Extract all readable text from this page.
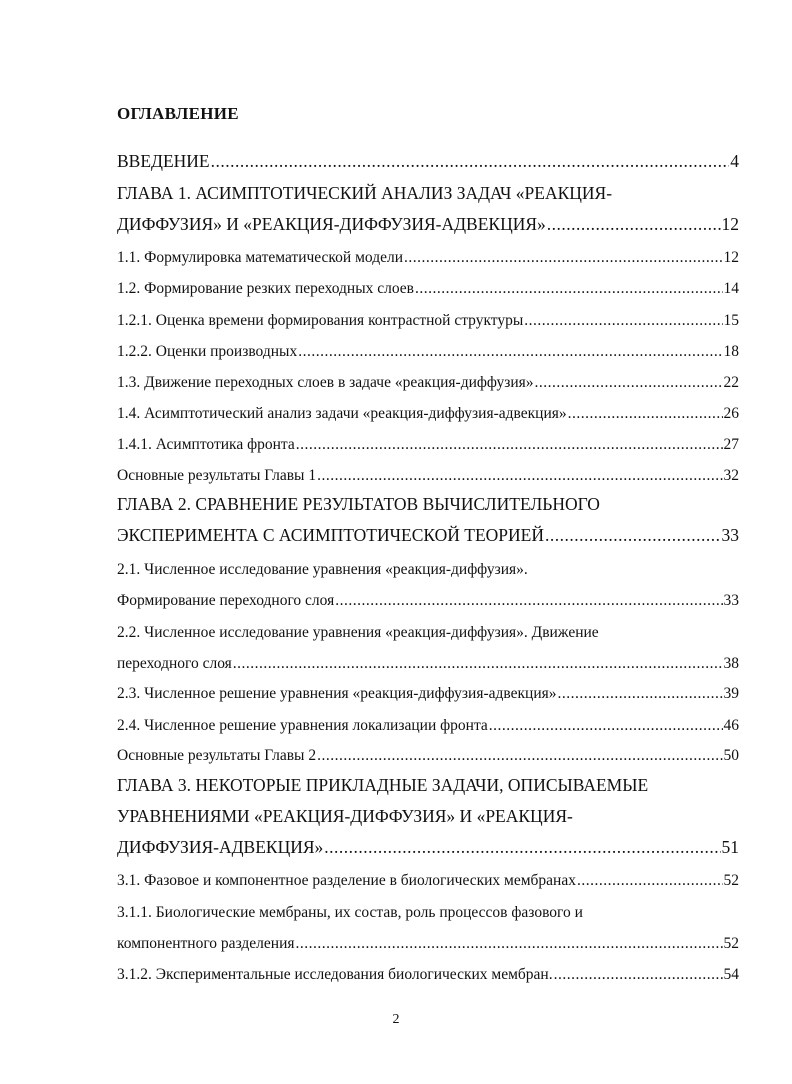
ОГЛАВЛЕНИЕ
ВВЕДЕНИЕ .....	4
ГЛАВА 1. АСИМПТОТИЧЕСКИЙ АНАЛИЗ ЗАДАЧ «РЕАКЦИЯ-
ДИФФУЗИЯ» И «РЕАКЦИЯ-ДИФФУЗИЯ-АДВЕКЦИЯ» .....	12
1.1. Формулировка математической модели .....	12
1.2. Формирование резких переходных слоев .....	14
1.2.1. Оценка времени формирования контрастной структуры .....	15
1.2.2. Оценки производных .....	18
1.3. Движение переходных слоев в задаче «реакция-диффузия» .....	22
1.4. Асимптотический анализ задачи «реакция-диффузия-адвекция» .....	26
1.4.1. Асимптотика фронта .....	27
Основные результаты Главы 1 .....	32
ГЛАВА 2. СРАВНЕНИЕ РЕЗУЛЬТАТОВ ВЫЧИСЛИТЕЛЬНОГО
ЭКСПЕРИМЕНТА С АСИМПТОТИЧЕСКОЙ ТЕОРИЕЙ .....	33
2.1. Численное исследование уравнения «реакция-диффузия».
Формирование переходного слоя .....	33
2.2. Численное исследование уравнения «реакция-диффузия». Движение
переходного слоя .....	38
2.3. Численное решение уравнения «реакция-диффузия-адвекция» .....	39
2.4. Численное решение уравнения локализации фронта .....	46
Основные результаты Главы 2 .....	50
ГЛАВА 3. НЕКОТОРЫЕ ПРИКЛАДНЫЕ ЗАДАЧИ, ОПИСЫВАЕМЫЕ
УРАВНЕНИЯМИ «РЕАКЦИЯ-ДИФФУЗИЯ» И «РЕАКЦИЯ-
ДИФФУЗИЯ-АДВЕКЦИЯ» .....	51
3.1. Фазовое и компонентное разделение в биологических мембранах .....	52
3.1.1. Биологические мембраны, их состав, роль процессов фазового и
компонентного разделения .....	52
3.1.2. Экспериментальные исследования биологических мембран. .....	54
2
